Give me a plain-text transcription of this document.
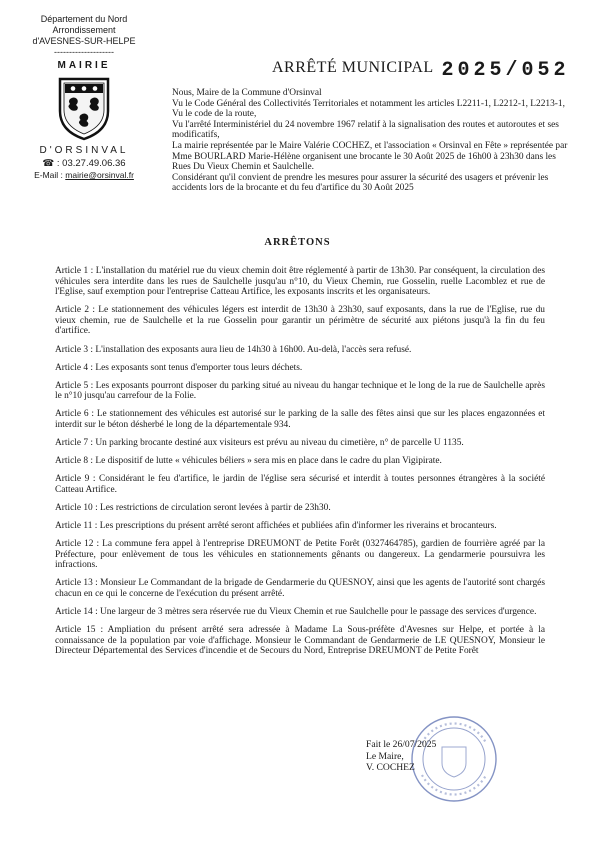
Département du Nord
Arrondissement
d'AVESNES-SUR-HELPE
--------------------
MAIRIE
D'ORSINVAL
☎ : 03.27.49.06.36
E-Mail : mairie@orsinval.fr
ARRÊTÉ MUNICIPAL 2025/052

Nous, Maire de la Commune d'Orsinval

Vu le Code Général des Collectivités Territoriales et notamment les articles L2211-1, L2212-1, L2213-1,

Vu le code de la route,

Vu l'arrêté Interministériel du 24 novembre 1967 relatif à la signalisation des routes et autoroutes et ses modificatifs,

La mairie représentée par le Maire Valérie COCHEZ, et l'association « Orsinval en Fête » représentée par Mme BOURLARD Marie-Hélène organisent une brocante le 30 Août 2025 de 16h00 à 23h30 dans les Rues Du Vieux Chemin et Saulchelle.

Considérant qu'il convient de prendre les mesures pour assurer la sécurité des usagers et prévenir les accidents lors de la brocante et du feu d'artifice du 30 Août 2025

ARRÊTONS

Article 1 : L'installation du matériel rue du vieux chemin doit être réglementé à partir de 13h30. Par conséquent, la circulation des véhicules sera interdite dans les rues de Saulchelle jusqu'au n°10, du Vieux Chemin, rue Gosselin, ruelle Lacomblez et rue de l'Eglise, sauf exemption pour l'entreprise Catteau Artifice, les exposants inscrits et les organisateurs.

Article 2 : Le stationnement des véhicules légers est interdit de 13h30 à 23h30, sauf exposants, dans la rue de l'Eglise, rue du vieux chemin, rue de Saulchelle et la rue Gosselin pour garantir un périmètre de sécurité aux piétons jusqu'à la fin du feu d'artifice.

Article 3 : L'installation des exposants aura lieu de 14h30 à 16h00. Au-delà, l'accès sera refusé.

Article 4 : Les exposants sont tenus d'emporter tous leurs déchets.

Article 5 : Les exposants pourront disposer du parking situé au niveau du hangar technique et le long de la rue de Saulchelle après le n°10 jusqu'au carrefour de la Folie.

Article 6 : Le stationnement des véhicules est autorisé sur le parking de la salle des fêtes ainsi que sur les places engazonnées et interdit sur le béton désherbé le long de la départementale 934.

Article 7 : Un parking brocante destiné aux visiteurs est prévu au niveau du cimetière, n° de parcelle U 1135.

Article 8 : Le dispositif de lutte « véhicules béliers » sera mis en place dans le cadre du plan Vigipirate.

Article 9 : Considérant le feu d'artifice, le jardin de l'église sera sécurisé et interdit à toutes personnes étrangères à la société Catteau Artifice.

Article 10 : Les restrictions de circulation seront levées à partir de 23h30.

Article 11 : Les prescriptions du présent arrêté seront affichées et publiées afin d'informer les riverains et brocanteurs.

Article 12 : La commune fera appel à l'entreprise DREUMONT de Petite Forêt (0327464785), gardien de fourrière agréé par la Préfecture, pour enlèvement de tous les véhicules en stationnements gênants ou dangereux. La gendarmerie poursuivra les infractions.

Article 13 : Monsieur Le Commandant de la brigade de Gendarmerie du QUESNOY, ainsi que les agents de l'autorité sont chargés chacun en ce qui le concerne de l'exécution du présent arrêté.

Article 14 : Une largeur de 3 mètres sera réservée rue du Vieux Chemin et rue Saulchelle pour le passage des services d'urgence.

Article 15 : Ampliation du présent arrêté sera adressée à Madame La Sous-préfète d'Avesnes sur Helpe, et portée à la connaissance de la population par voie d'affichage. Monsieur le Commandant de Gendarmerie de LE QUESNOY, Monsieur le Directeur Départemental des Services d'incendie et de Secours du Nord, Entreprise DREUMONT de Petite Forêt

Fait le 26/07/2025
Le Maire,
V. COCHEZ
